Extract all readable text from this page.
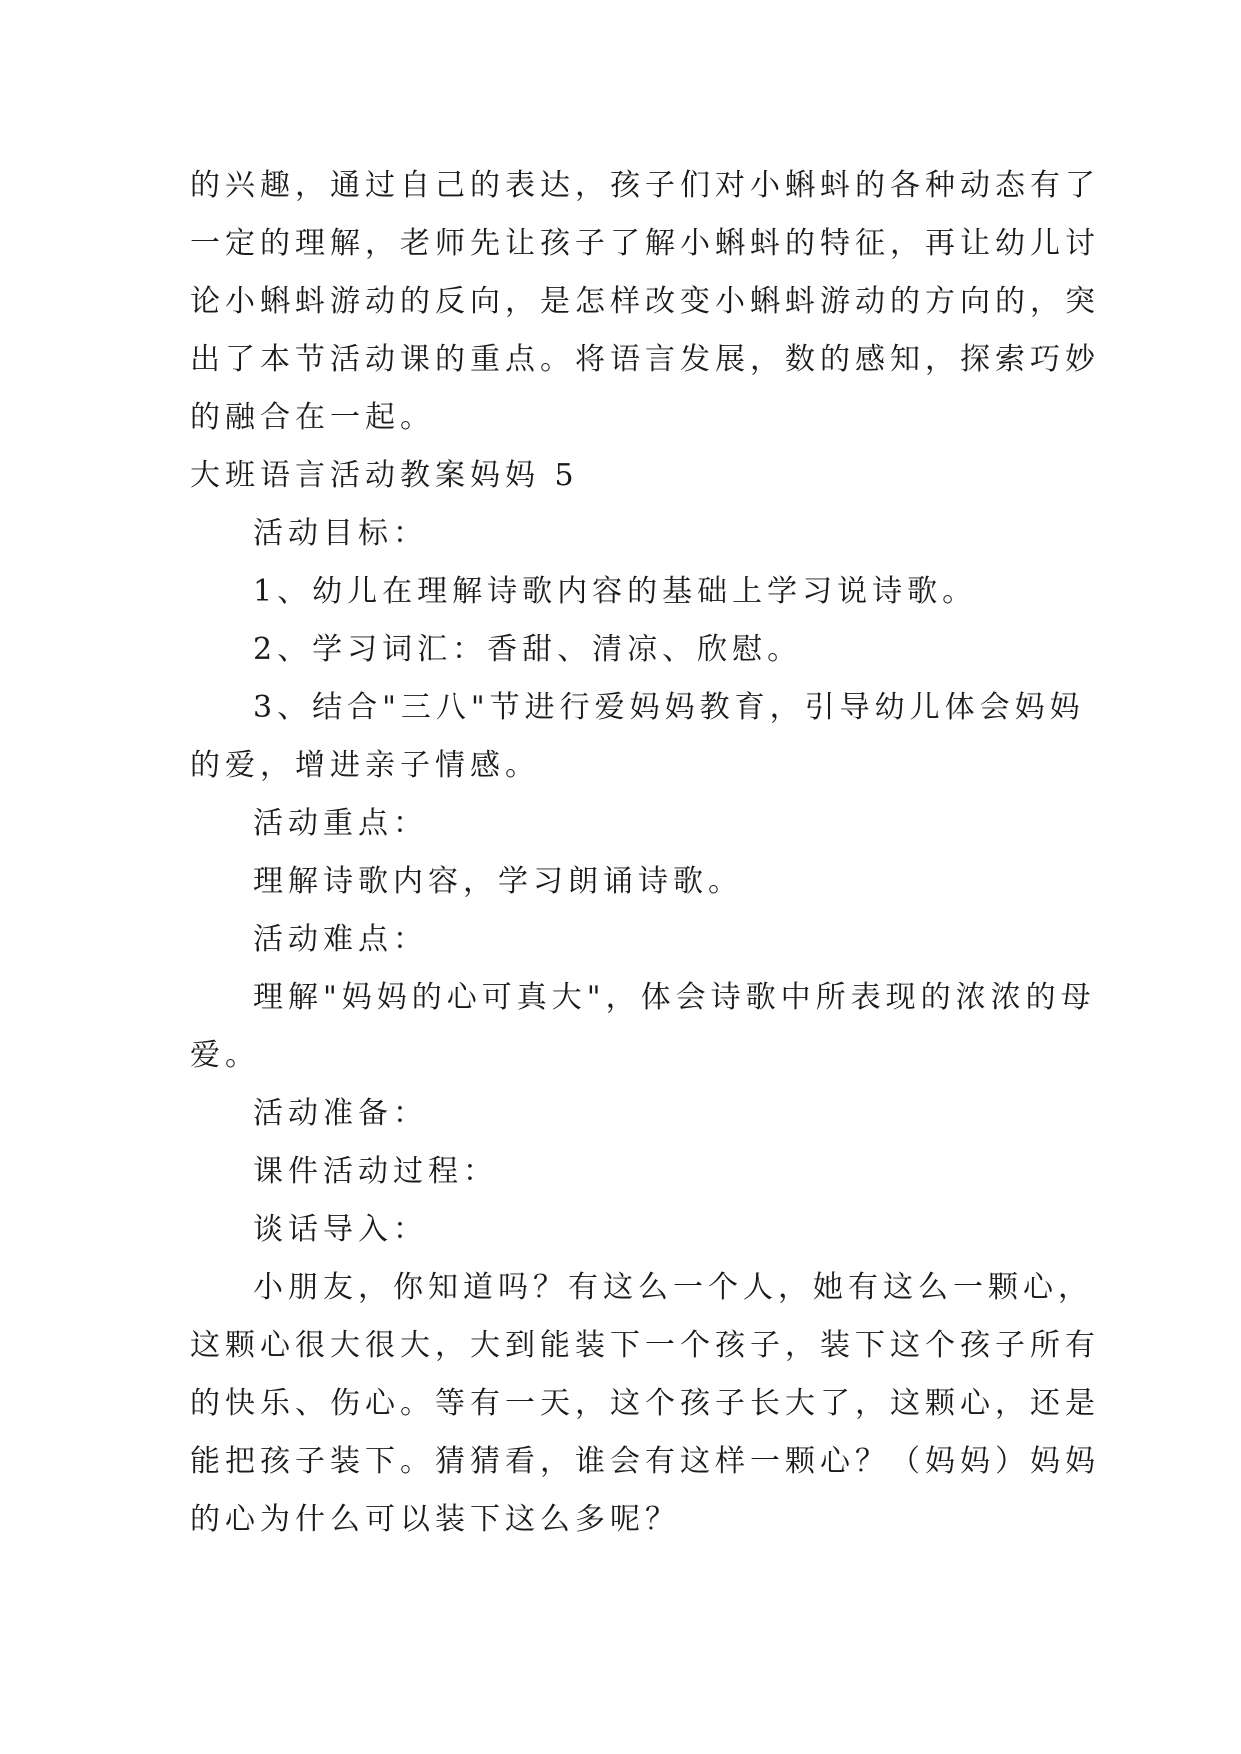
的兴趣，通过自己的表达，孩子们对小蝌蚪的各种动态有了
一定的理解，老师先让孩子了解小蝌蚪的特征，再让幼儿讨
论小蝌蚪游动的反向，是怎样改变小蝌蚪游动的方向的，突
出了本节活动课的重点。将语言发展，数的感知，探索巧妙
的融合在一起。
大班语言活动教案妈妈 5
活动目标：
1、幼儿在理解诗歌内容的基础上学习说诗歌。
2、学习词汇：香甜、清凉、欣慰。
3、结合"三八"节进行爱妈妈教育，引导幼儿体会妈妈
的爱，增进亲子情感。
活动重点：
理解诗歌内容，学习朗诵诗歌。
活动难点：
理解"妈妈的心可真大"，体会诗歌中所表现的浓浓的母
爱。
活动准备：
课件活动过程：
谈话导入：
小朋友，你知道吗？有这么一个人，她有这么一颗心，
这颗心很大很大，大到能装下一个孩子，装下这个孩子所有
的快乐、伤心。等有一天，这个孩子长大了，这颗心，还是
能把孩子装下。猜猜看，谁会有这样一颗心？（妈妈）妈妈
的心为什么可以装下这么多呢？
